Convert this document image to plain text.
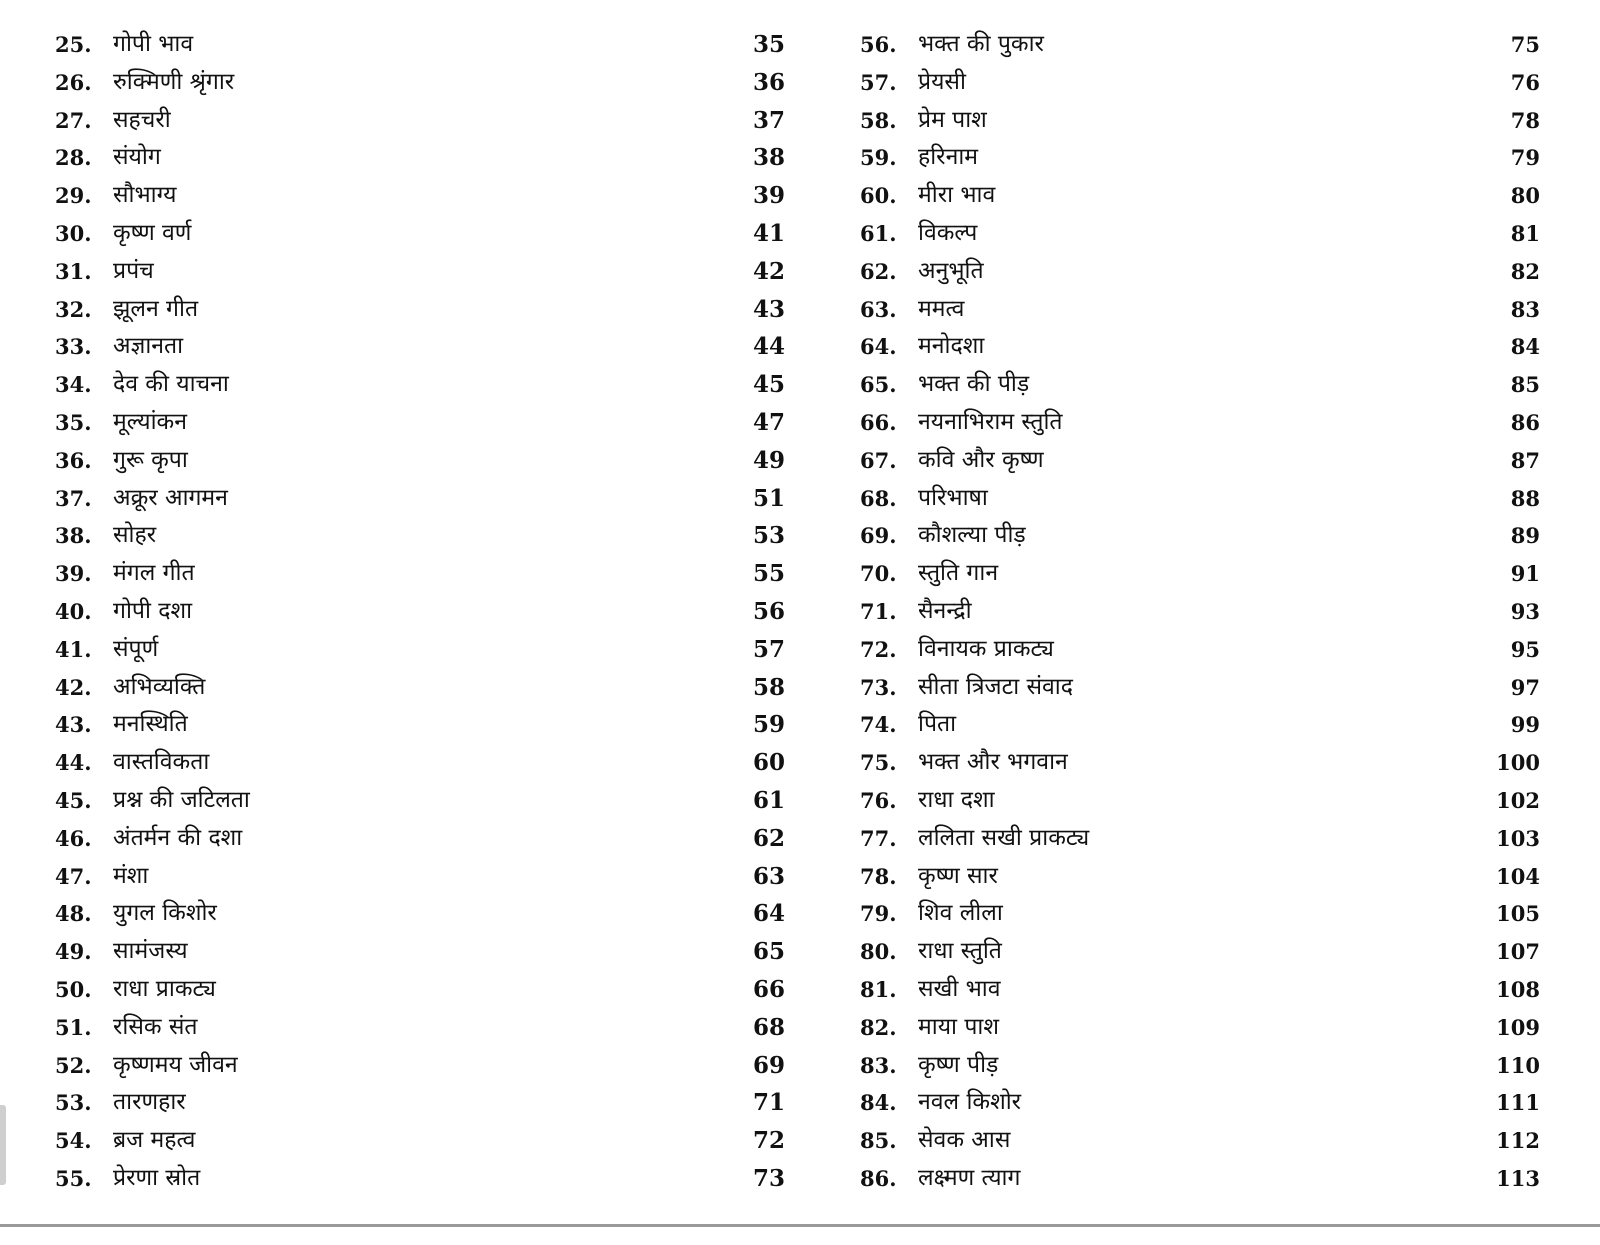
25. गोपी भाव	35
26. रुक्मिणी श्रृंगार	36
27. सहचरी	37
28. संयोग	38
29. सौभाग्य	39
30. कृष्ण वर्ण	41
31. प्रपंच	42
32. झूलन गीत	43
33. अज्ञानता	44
34. देव की याचना	45
35. मूल्यांकन	47
36. गुरू कृपा	49
37. अक्रूर आगमन	51
38. सोहर	53
39. मंगल गीत	55
40. गोपी दशा	56
41. संपूर्ण	57
42. अभिव्यक्ति	58
43. मनस्थिति	59
44. वास्तविकता	60
45. प्रश्न की जटिलता	61
46. अंतर्मन की दशा	62
47. मंशा	63
48. युगल किशोर	64
49. सामंजस्य	65
50. राधा प्राकट्य	66
51. रसिक संत	68
52. कृष्णमय जीवन	69
53. तारणहार	71
54. ब्रज महत्व	72
55. प्रेरणा स्रोत	73
56. भक्त की पुकार	75
57. प्रेयसी	76
58. प्रेम पाश	78
59. हरिनाम	79
60. मीरा भाव	80
61. विकल्प	81
62. अनुभूति	82
63. ममत्व	83
64. मनोदशा	84
65. भक्त की पीड़	85
66. नयनाभिराम स्तुति	86
67. कवि और कृष्ण	87
68. परिभाषा	88
69. कौशल्या पीड़	89
70. स्तुति गान	91
71. सैनन्द्री	93
72. विनायक प्राकट्य	95
73. सीता त्रिजटा संवाद	97
74. पिता	99
75. भक्त और भगवान	100
76. राधा दशा	102
77. ललिता सखी प्राकट्य	103
78. कृष्ण सार	104
79. शिव लीला	105
80. राधा स्तुति	107
81. सखी भाव	108
82. माया पाश	109
83. कृष्ण पीड़	110
84. नवल किशोर	111
85. सेवक आस	112
86. लक्ष्मण त्याग	113
